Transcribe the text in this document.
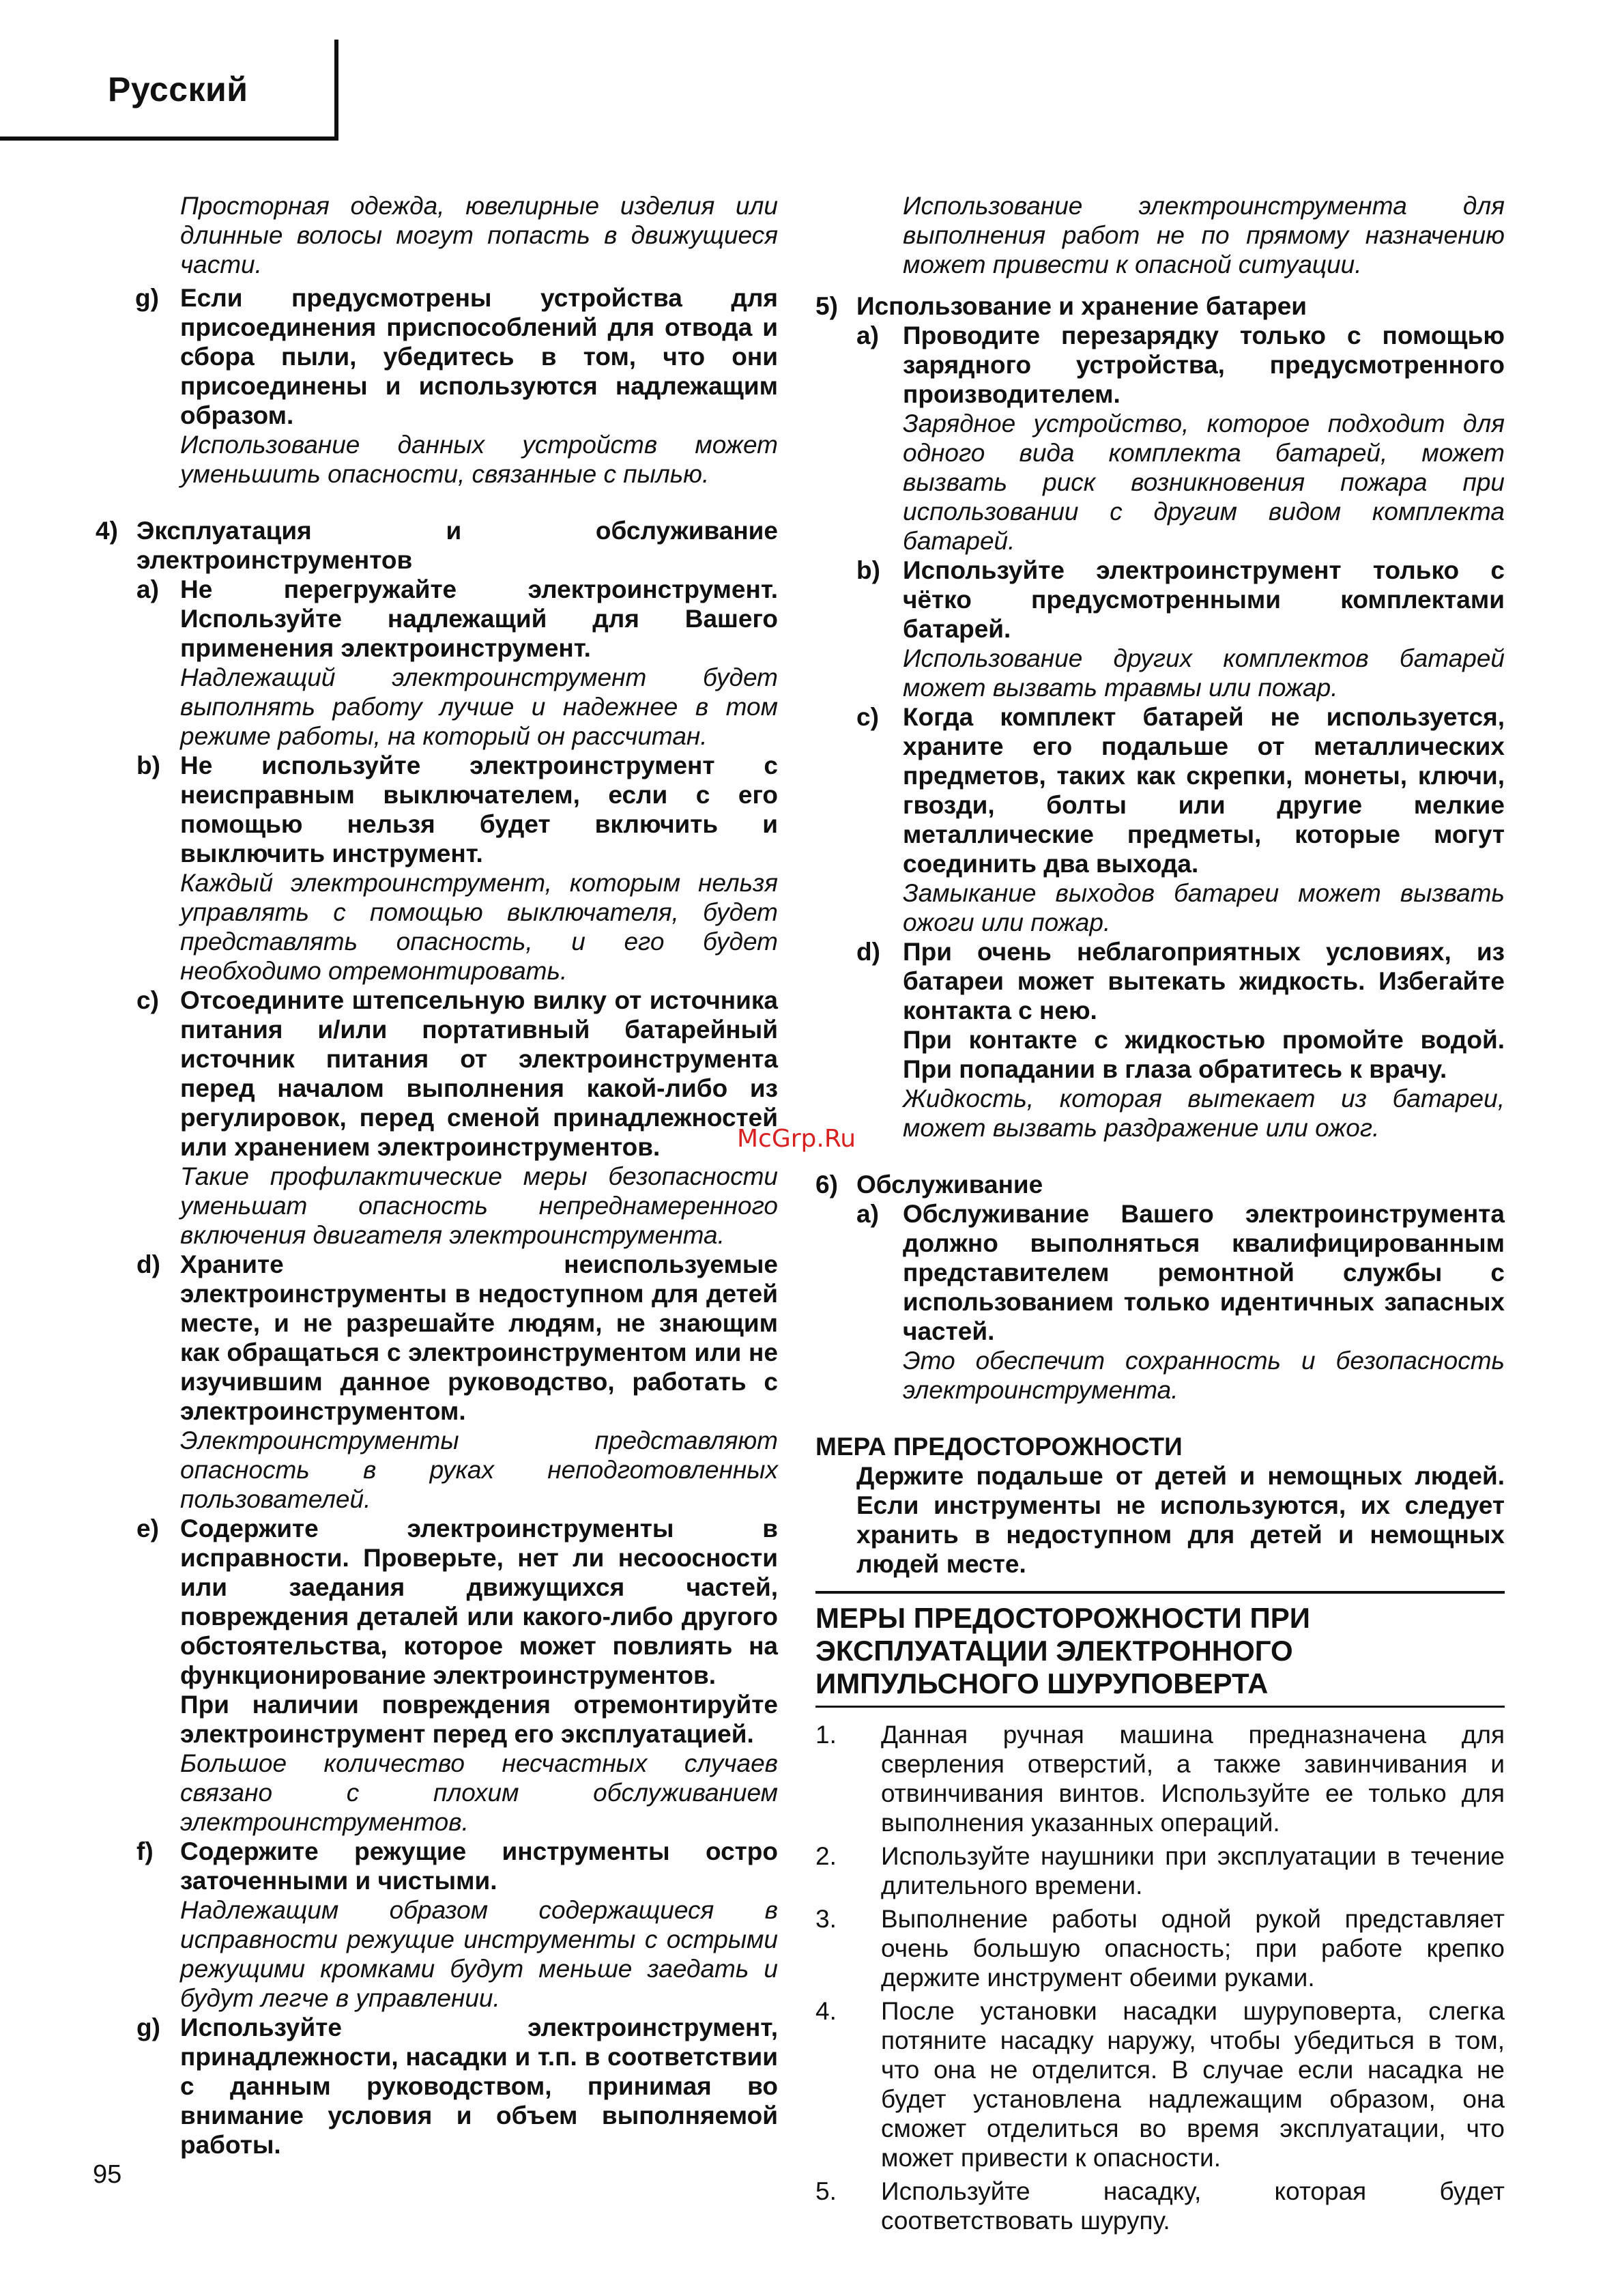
Русский
Просторная одежда, ювелирные изделия или длинные волосы могут попасть в движущиеся части.
g) Если предусмотрены устройства для присоединения приспособлений для отвода и сбора пыли, убедитесь в том, что они присоединены и используются надлежащим образом.
Использование данных устройств может уменьшить опасности, связанные с пылью.
4) Эксплуатация и обслуживание электроинструментов
a) Не перегружайте электроинструмент. Используйте надлежащий для Вашего применения электроинструмент.
Надлежащий электроинструмент будет выполнять работу лучше и надежнее в том режиме работы, на который он рассчитан.
b) Не используйте электроинструмент с неисправным выключателем, если с его помощью нельзя будет включить и выключить инструмент.
Каждый электроинструмент, которым нельзя управлять с помощью выключателя, будет представлять опасность, и его будет необходимо отремонтировать.
c) Отсоедините штепсельную вилку от источника питания и/или портативный батарейный источник питания от электроинструмента перед началом выполнения какой-либо из регулировок, перед сменой принадлежностей или хранением электроинструментов.
Такие профилактические меры безопасности уменьшат опасность непреднамеренного включения двигателя электроинструмента.
d) Храните неиспользуемые электроинструменты в недоступном для детей месте, и не разрешайте людям, не знающим как обращаться с электроинструментом или не изучившим данное руководство, работать с электроинструментом.
Электроинструменты представляют опасность в руках неподготовленных пользователей.
e) Содержите электроинструменты в исправности. Проверьте, нет ли несоосности или заедания движущихся частей, повреждения деталей или какого-либо другого обстоятельства, которое может повлиять на функционирование электроинструментов.
При наличии повреждения отремонтируйте электроинструмент перед его эксплуатацией.
Большое количество несчастных случаев связано с плохим обслуживанием электроинструментов.
f) Содержите режущие инструменты остро заточенными и чистыми.
Надлежащим образом содержащиеся в исправности режущие инструменты с острыми режущими кромками будут меньше заедать и будут легче в управлении.
g) Используйте электроинструмент, принадлежности, насадки и т.п. в соответствии с данным руководством, принимая во внимание условия и объем выполняемой работы.
Использование электроинструмента для выполнения работ не по прямому назначению может привести к опасной ситуации.
5) Использование и хранение батареи
a) Проводите перезарядку только с помощью зарядного устройства, предусмотренного производителем.
Зарядное устройство, которое подходит для одного вида комплекта батарей, может вызвать риск возникновения пожара при использовании с другим видом комплекта батарей.
b) Используйте электроинструмент только с чётко предусмотренными комплектами батарей.
Использование других комплектов батарей может вызвать травмы или пожар.
c) Когда комплект батарей не используется, храните его подальше от металлических предметов, таких как скрепки, монеты, ключи, гвозди, болты или другие мелкие металлические предметы, которые могут соединить два выхода.
Замыкание выходов батареи может вызвать ожоги или пожар.
d) При очень неблагоприятных условиях, из батареи может вытекать жидкость. Избегайте контакта с нею.
При контакте с жидкостью промойте водой. При попадании в глаза обратитесь к врачу.
Жидкость, которая вытекает из батареи, может вызвать раздражение или ожог.
6) Обслуживание
a) Обслуживание Вашего электроинструмента должно выполняться квалифицированным представителем ремонтной службы с использованием только идентичных запасных частей.
Это обеспечит сохранность и безопасность электроинструмента.
МЕРА ПРЕДОСТОРОЖНОСТИ
Держите подальше от детей и немощных людей. Если инструменты не используются, их следует хранить в недоступном для детей и немощных людей месте.
МЕРЫ ПРЕДОСТОРОЖНОСТИ ПРИ ЭКСПЛУАТАЦИИ ЭЛЕКТРОННОГО ИМПУЛЬСНОГО ШУРУПОВЕРТА
1. Данная ручная машина предназначена для сверления отверстий, а также завинчивания и отвинчивания винтов. Используйте ее только для выполнения указанных операций.
2. Используйте наушники при эксплуатации в течение длительного времени.
3. Выполнение работы одной рукой представляет очень большую опасность; при работе крепко держите инструмент обеими руками.
4. После установки насадки шуруповерта, слегка потяните насадку наружу, чтобы убедиться в том, что она не отделится. В случае если насадка не будет установлена надлежащим образом, она сможет отделиться во время эксплуатации, что может привести к опасности.
5. Используйте насадку, которая будет соответствовать шурупу.
McGrp.Ru
95
